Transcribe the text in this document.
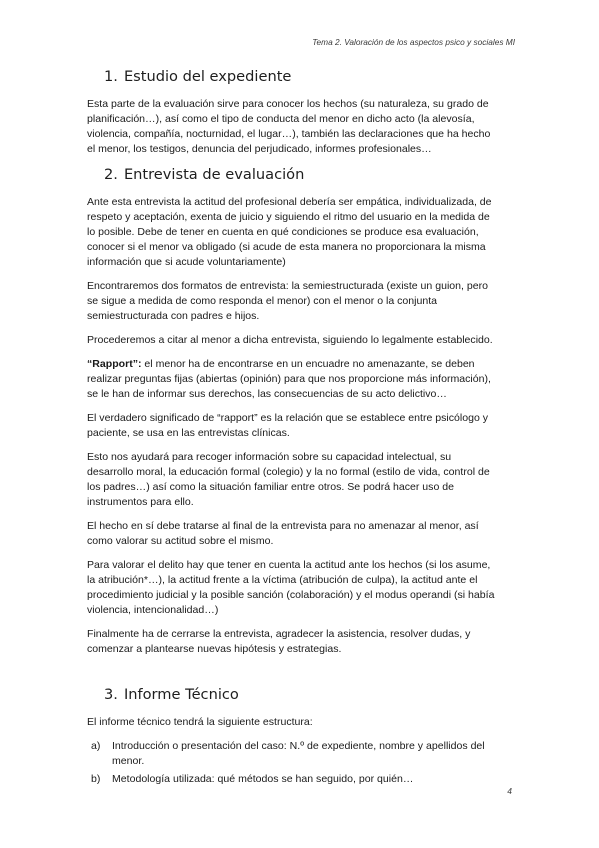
Tema 2. Valoración de los aspectos psico y sociales MI
1. Estudio del expediente

Esta parte de la evaluación sirve para conocer los hechos (su naturaleza, su grado de
planificación…), así como el tipo de conducta del menor en dicho acto (la alevosía,
violencia, compañía, nocturnidad, el lugar…), también las declaraciones que ha hecho
el menor, los testigos, denuncia del perjudicado, informes profesionales…

2. Entrevista de evaluación

Ante esta entrevista la actitud del profesional debería ser empática, individualizada, de
respeto y aceptación, exenta de juicio y siguiendo el ritmo del usuario en la medida de
lo posible. Debe de tener en cuenta en qué condiciones se produce esa evaluación,
conocer si el menor va obligado (si acude de esta manera no proporcionara la misma
información que si acude voluntariamente)

Encontraremos dos formatos de entrevista: la semiestructurada (existe un guion, pero
se sigue a medida de como responda el menor) con el menor o la conjunta
semiestructurada con padres e hijos.

Procederemos a citar al menor a dicha entrevista, siguiendo lo legalmente establecido.

“Rapport”: el menor ha de encontrarse en un encuadre no amenazante, se deben
realizar preguntas fijas (abiertas (opinión) para que nos proporcione más información),
se le han de informar sus derechos, las consecuencias de su acto delictivo…

El verdadero significado de “rapport” es la relación que se establece entre psicólogo y
paciente, se usa en las entrevistas clínicas.

Esto nos ayudará para recoger información sobre su capacidad intelectual, su
desarrollo moral, la educación formal (colegio) y la no formal (estilo de vida, control de
los padres…) así como la situación familiar entre otros. Se podrá hacer uso de
instrumentos para ello.

El hecho en sí debe tratarse al final de la entrevista para no amenazar al menor, así
como valorar su actitud sobre el mismo.

Para valorar el delito hay que tener en cuenta la actitud ante los hechos (si los asume,
la atribución*…), la actitud frente a la víctima (atribución de culpa), la actitud ante el
procedimiento judicial y la posible sanción (colaboración) y el modus operandi (si había
violencia, intencionalidad…)

Finalmente ha de cerrarse la entrevista, agradecer la asistencia, resolver dudas, y
comenzar a plantearse nuevas hipótesis y estrategias.

3. Informe Técnico

El informe técnico tendrá la siguiente estructura:

a) Introducción o presentación del caso: N.º de expediente, nombre y apellidos del
menor.
b) Metodología utilizada: qué métodos se han seguido, por quién…
4
